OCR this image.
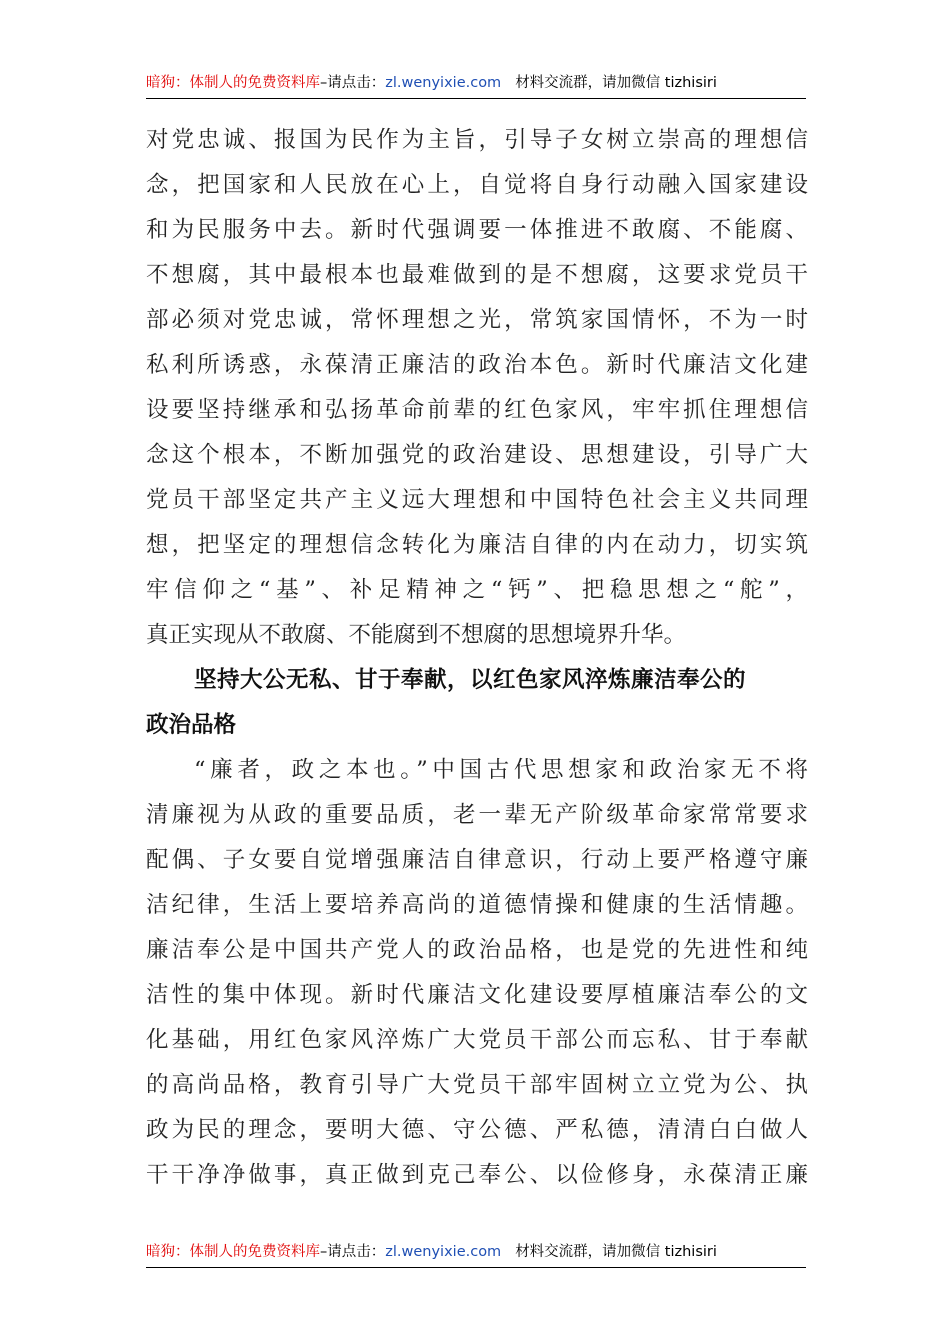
暗狗：体制人的免费资料库–请点击：zl.wenyixie.com 材料交流群，请加微信 tizhisiri
对党忠诚、报国为民作为主旨，引导子女树立崇高的理想信
念，把国家和人民放在心上，自觉将自身行动融入国家建设
和为民服务中去。新时代强调要一体推进不敢腐、不能腐、
不想腐，其中最根本也最难做到的是不想腐，这要求党员干
部必须对党忠诚，常怀理想之光，常筑家国情怀，不为一时
私利所诱惑，永葆清正廉洁的政治本色。新时代廉洁文化建
设要坚持继承和弘扬革命前辈的红色家风，牢牢抓住理想信
念这个根本，不断加强党的政治建设、思想建设，引导广大
党员干部坚定共产主义远大理想和中国特色社会主义共同理
想，把坚定的理想信念转化为廉洁自律的内在动力，切实筑
牢信仰之“基”、补足精神之“钙”、把稳思想之“舵”，
真正实现从不敢腐、不能腐到不想腐的思想境界升华。
坚持大公无私、甘于奉献，以红色家风淬炼廉洁奉公的
政治品格
“廉者，政之本也。”中国古代思想家和政治家无不将
清廉视为从政的重要品质，老一辈无产阶级革命家常常要求
配偶、子女要自觉增强廉洁自律意识，行动上要严格遵守廉
洁纪律，生活上要培养高尚的道德情操和健康的生活情趣。
廉洁奉公是中国共产党人的政治品格，也是党的先进性和纯
洁性的集中体现。新时代廉洁文化建设要厚植廉洁奉公的文
化基础，用红色家风淬炼广大党员干部公而忘私、甘于奉献
的高尚品格，教育引导广大党员干部牢固树立立党为公、执
政为民的理念，要明大德、守公德、严私德，清清白白做人
干干净净做事，真正做到克己奉公、以俭修身，永葆清正廉
暗狗：体制人的免费资料库–请点击：zl.wenyixie.com 材料交流群，请加微信 tizhisiri
